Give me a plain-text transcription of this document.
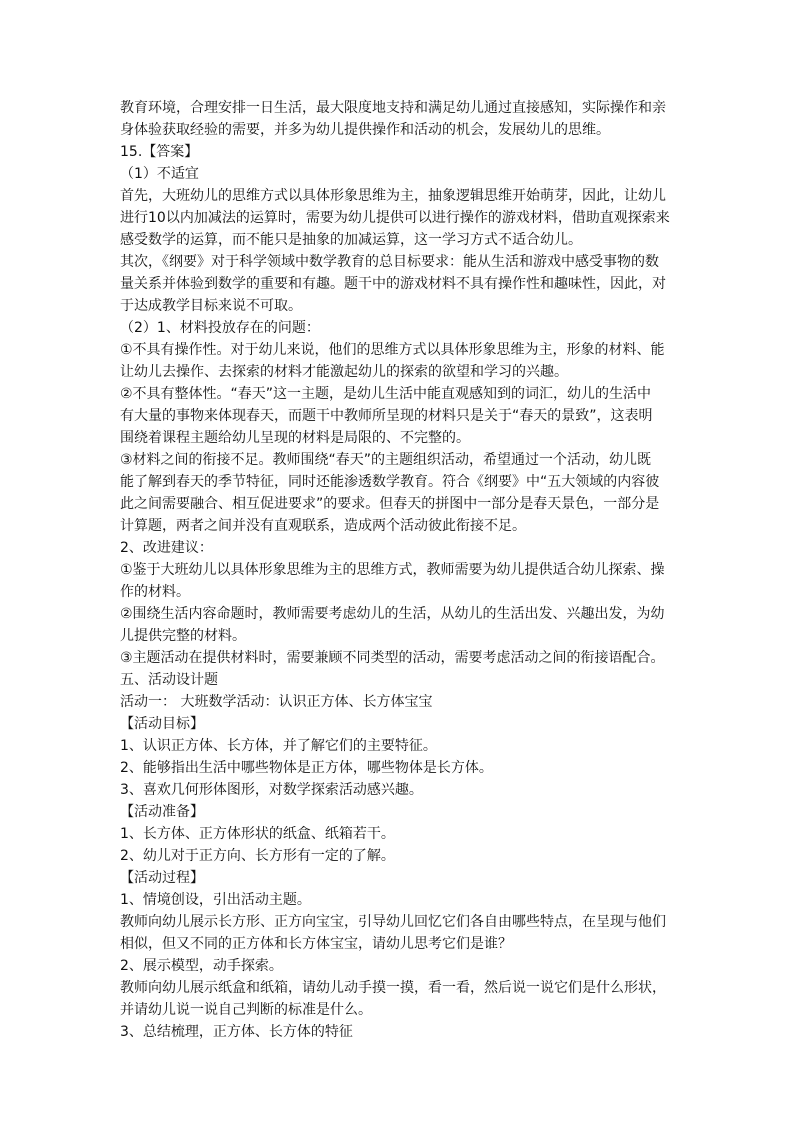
教育环境，合理安排一日生活，最大限度地支持和满足幼儿通过直接感知，实际操作和亲
身体验获取经验的需要，并多为幼儿提供操作和活动的机会，发展幼儿的思维。
15.【答案】
（1）不适宜
首先，大班幼儿的思维方式以具体形象思维为主，抽象逻辑思维开始萌芽，因此，让幼儿
进行10以内加减法的运算时，需要为幼儿提供可以进行操作的游戏材料，借助直观探索来
感受数学的运算，而不能只是抽象的加减运算，这一学习方式不适合幼儿。
其次，《纲要》对于科学领域中数学教育的总目标要求：能从生活和游戏中感受事物的数
量关系并体验到数学的重要和有趣。题干中的游戏材料不具有操作性和趣味性，因此，对
于达成教学目标来说不可取。
（2）1、材料投放存在的问题：
①不具有操作性。对于幼儿来说，他们的思维方式以具体形象思维为主，形象的材料、能
让幼儿去操作、去探索的材料才能激起幼儿的探索的欲望和学习的兴趣。
②不具有整体性。“春天”这一主题，是幼儿生活中能直观感知到的词汇，幼儿的生活中
有大量的事物来体现春天，而题干中教师所呈现的材料只是关于“春天的景致”，这表明
围绕着课程主题给幼儿呈现的材料是局限的、不完整的。
③材料之间的衔接不足。教师围绕“春天”的主题组织活动，希望通过一个活动，幼儿既
能了解到春天的季节特征，同时还能渗透数学教育。符合《纲要》中“五大领域的内容彼
此之间需要融合、相互促进要求”的要求。但春天的拼图中一部分是春天景色，一部分是
计算题，两者之间并没有直观联系，造成两个活动彼此衔接不足。
2、改进建议：
①鉴于大班幼儿以具体形象思维为主的思维方式，教师需要为幼儿提供适合幼儿探索、操
作的材料。
②围绕生活内容命题时，教师需要考虑幼儿的生活，从幼儿的生活出发、兴趣出发，为幼
儿提供完整的材料。
③主题活动在提供材料时，需要兼顾不同类型的活动，需要考虑活动之间的衔接语配合。
五、活动设计题
活动一： 大班数学活动：认识正方体、长方体宝宝
【活动目标】
1、认识正方体、长方体，并了解它们的主要特征。
2、能够指出生活中哪些物体是正方体，哪些物体是长方体。
3、喜欢几何形体图形，对数学探索活动感兴趣。
【活动准备】
1、长方体、正方体形状的纸盒、纸箱若干。
2、幼儿对于正方向、长方形有一定的了解。
【活动过程】
1、情境创设，引出活动主题。
教师向幼儿展示长方形、正方向宝宝，引导幼儿回忆它们各自由哪些特点，在呈现与他们
相似，但又不同的正方体和长方体宝宝，请幼儿思考它们是谁？
2、展示模型，动手探索。
教师向幼儿展示纸盒和纸箱，请幼儿动手摸一摸，看一看，然后说一说它们是什么形状，
并请幼儿说一说自己判断的标准是什么。
3、总结梳理，正方体、长方体的特征
